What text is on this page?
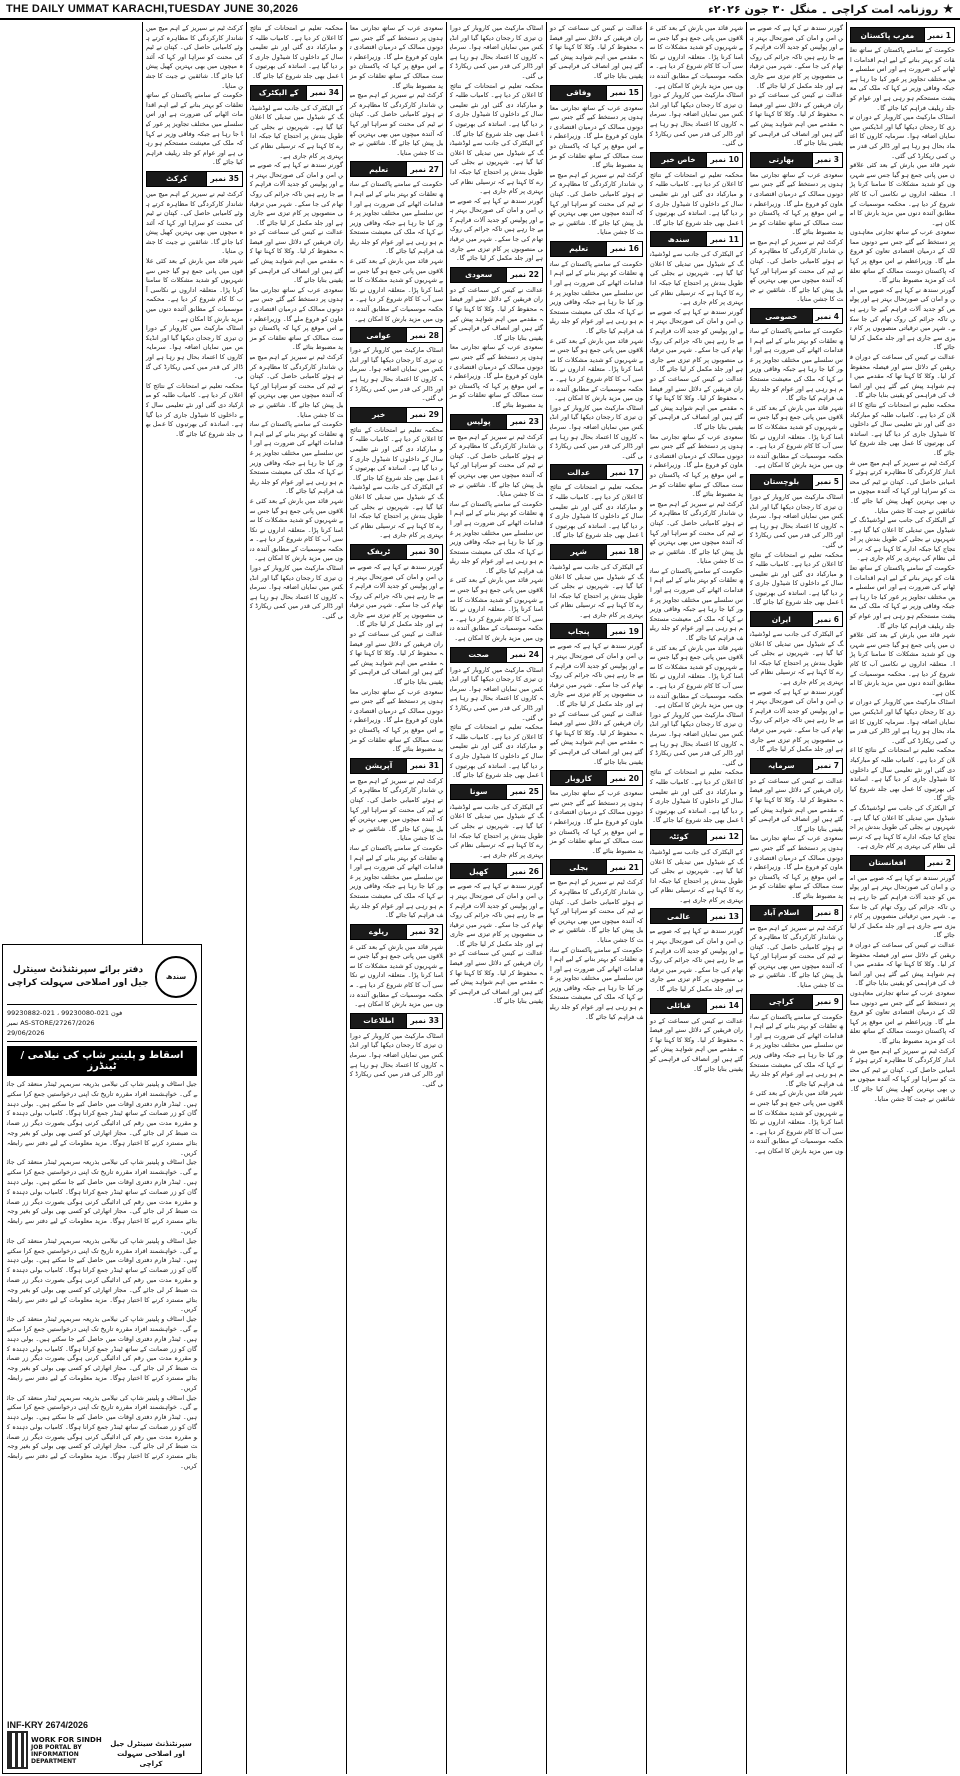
THE DAILY UMMAT KARACHI,TUESDAY JUNE 30,2026	★
روزنامہ امت کراچی ۔ منگل ۳۰ جون ۲۰۲۶ء
1 نمبر
مغرب پاکستان
حکومت کے سامنے پاکستان کے ساتھ تعلقات کو بہتر بنانے کے لیے اہم اقدامات اٹھانے کی ضرورت ہے اور اس سلسلے میں مختلف تجاویز پر غور کیا جا رہا ہے جبکہ وفاقی وزیر نے کہا کہ ملک کی معیشت مستحکم ہو رہی ہے اور عوام کو جلد ریلیف فراہم کیا جائے گا۔
اسٹاک مارکیٹ میں کاروبار کے دوران تیزی کا رجحان دیکھا گیا اور انڈیکس میں نمایاں اضافہ ہوا۔ سرمایہ کاروں کا اعتماد بحال ہو رہا ہے اور ڈالر کی قدر میں کمی ریکارڈ کی گئی۔
شہر قائد میں بارش کے بعد کئی علاقوں میں پانی جمع ہو گیا جس سے شہریوں کو شدید مشکلات کا سامنا کرنا پڑا۔ متعلقہ اداروں نے نکاسی آب کا کام شروع کر دیا ہے۔ محکمہ موسمیات کے مطابق آئندہ دنوں میں مزید بارش کا امکان ہے۔
سعودی عرب کے ساتھ تجارتی معاہدوں پر دستخط کیے گئے جس سے دونوں ممالک کے درمیان اقتصادی تعاون کو فروغ ملے گا۔ وزیراعظم نے اس موقع پر کہا کہ پاکستان دوست ممالک کے ساتھ تعلقات کو مزید مضبوط بنائے گا۔
گورنر سندھ نے کہا ہے کہ صوبے میں امن و امان کی صورتحال بہتر ہے اور پولیس کو جدید آلات فراہم کیے جا رہے ہیں تاکہ جرائم کی روک تھام کی جا سکے۔ شہر میں ترقیاتی منصوبوں پر کام تیزی سے جاری ہے اور جلد مکمل کر لیا جائے گا۔
عدالت نے کیس کی سماعت کے دوران فریقین کے دلائل سنے اور فیصلہ محفوظ کر لیا۔ وکلا کا کہنا تھا کہ مقدمے میں اہم شواہد پیش کیے گئے ہیں اور انصاف کی فراہمی کو یقینی بنایا جائے گا۔
محکمہ تعلیم نے امتحانات کے نتائج کا اعلان کر دیا ہے۔ کامیاب طلبہ کو مبارکباد دی گئی اور نئے تعلیمی سال کے داخلوں کا شیڈول جاری کر دیا گیا ہے۔ اساتذہ کی بھرتیوں کا عمل بھی جلد شروع کیا جائے گا۔
کرکٹ ٹیم نے سیریز کے اہم میچ میں شاندار کارکردگی کا مظاہرہ کرتے ہوئے کامیابی حاصل کی۔ کپتان نے ٹیم کی محنت کو سراہا اور کہا کہ آئندہ میچوں میں بھی بہترین کھیل پیش کیا جائے گا۔ شائقین نے جیت کا جشن منایا۔
کے الیکٹرک کی جانب سے لوڈشیڈنگ کے شیڈول میں تبدیلی کا اعلان کیا گیا ہے۔ شہریوں نے بجلی کی طویل بندش پر احتجاج کیا جبکہ ادارے کا کہنا ہے کہ ترسیلی نظام کی بہتری پر کام جاری ہے۔
حکومت کے سامنے پاکستان کے ساتھ تعلقات کو بہتر بنانے کے لیے اہم اقدامات اٹھانے کی ضرورت ہے اور اس سلسلے میں مختلف تجاویز پر غور کیا جا رہا ہے جبکہ وفاقی وزیر نے کہا کہ ملک کی معیشت مستحکم ہو رہی ہے اور عوام کو جلد ریلیف فراہم کیا جائے گا۔
شہر قائد میں بارش کے بعد کئی علاقوں میں پانی جمع ہو گیا جس سے شہریوں کو شدید مشکلات کا سامنا کرنا پڑا۔ متعلقہ اداروں نے نکاسی آب کا کام شروع کر دیا ہے۔ محکمہ موسمیات کے مطابق آئندہ دنوں میں مزید بارش کا امکان ہے۔
اسٹاک مارکیٹ میں کاروبار کے دوران تیزی کا رجحان دیکھا گیا اور انڈیکس میں نمایاں اضافہ ہوا۔ سرمایہ کاروں کا اعتماد بحال ہو رہا ہے اور ڈالر کی قدر میں کمی ریکارڈ کی گئی۔
محکمہ تعلیم نے امتحانات کے نتائج کا اعلان کر دیا ہے۔ کامیاب طلبہ کو مبارکباد دی گئی اور نئے تعلیمی سال کے داخلوں کا شیڈول جاری کر دیا گیا ہے۔ اساتذہ کی بھرتیوں کا عمل بھی جلد شروع کیا جائے گا۔
کے الیکٹرک کی جانب سے لوڈشیڈنگ کے شیڈول میں تبدیلی کا اعلان کیا گیا ہے۔ شہریوں نے بجلی کی طویل بندش پر احتجاج کیا جبکہ ادارے کا کہنا ہے کہ ترسیلی نظام کی بہتری پر کام جاری ہے۔
2 نمبر
افغانستان
گورنر سندھ نے کہا ہے کہ صوبے میں امن و امان کی صورتحال بہتر ہے اور پولیس کو جدید آلات فراہم کیے جا رہے ہیں تاکہ جرائم کی روک تھام کی جا سکے۔ شہر میں ترقیاتی منصوبوں پر کام تیزی سے جاری ہے اور جلد مکمل کر لیا جائے گا۔
عدالت نے کیس کی سماعت کے دوران فریقین کے دلائل سنے اور فیصلہ محفوظ کر لیا۔ وکلا کا کہنا تھا کہ مقدمے میں اہم شواہد پیش کیے گئے ہیں اور انصاف کی فراہمی کو یقینی بنایا جائے گا۔
سعودی عرب کے ساتھ تجارتی معاہدوں پر دستخط کیے گئے جس سے دونوں ممالک کے درمیان اقتصادی تعاون کو فروغ ملے گا۔ وزیراعظم نے اس موقع پر کہا کہ پاکستان دوست ممالک کے ساتھ تعلقات کو مزید مضبوط بنائے گا۔
کرکٹ ٹیم نے سیریز کے اہم میچ میں شاندار کارکردگی کا مظاہرہ کرتے ہوئے کامیابی حاصل کی۔ کپتان نے ٹیم کی محنت کو سراہا اور کہا کہ آئندہ میچوں میں بھی بہترین کھیل پیش کیا جائے گا۔ شائقین نے جیت کا جشن منایا۔
گورنر سندھ نے کہا ہے کہ صوبے میں امن و امان کی صورتحال بہتر ہے اور پولیس کو جدید آلات فراہم کیے جا رہے ہیں تاکہ جرائم کی روک تھام کی جا سکے۔ شہر میں ترقیاتی منصوبوں پر کام تیزی سے جاری ہے اور جلد مکمل کر لیا جائے گا۔
عدالت نے کیس کی سماعت کے دوران فریقین کے دلائل سنے اور فیصلہ محفوظ کر لیا۔ وکلا کا کہنا تھا کہ مقدمے میں اہم شواہد پیش کیے گئے ہیں اور انصاف کی فراہمی کو یقینی بنایا جائے گا۔
3 نمبر
بھارتی
سعودی عرب کے ساتھ تجارتی معاہدوں پر دستخط کیے گئے جس سے دونوں ممالک کے درمیان اقتصادی تعاون کو فروغ ملے گا۔ وزیراعظم نے اس موقع پر کہا کہ پاکستان دوست ممالک کے ساتھ تعلقات کو مزید مضبوط بنائے گا۔
کرکٹ ٹیم نے سیریز کے اہم میچ میں شاندار کارکردگی کا مظاہرہ کرتے ہوئے کامیابی حاصل کی۔ کپتان نے ٹیم کی محنت کو سراہا اور کہا کہ آئندہ میچوں میں بھی بہترین کھیل پیش کیا جائے گا۔ شائقین نے جیت کا جشن منایا۔
4 نمبر
خصوصی
حکومت کے سامنے پاکستان کے ساتھ تعلقات کو بہتر بنانے کے لیے اہم اقدامات اٹھانے کی ضرورت ہے اور اس سلسلے میں مختلف تجاویز پر غور کیا جا رہا ہے جبکہ وفاقی وزیر نے کہا کہ ملک کی معیشت مستحکم ہو رہی ہے اور عوام کو جلد ریلیف فراہم کیا جائے گا۔
شہر قائد میں بارش کے بعد کئی علاقوں میں پانی جمع ہو گیا جس سے شہریوں کو شدید مشکلات کا سامنا کرنا پڑا۔ متعلقہ اداروں نے نکاسی آب کا کام شروع کر دیا ہے۔ محکمہ موسمیات کے مطابق آئندہ دنوں میں مزید بارش کا امکان ہے۔
5 نمبر
بلوچستان
اسٹاک مارکیٹ میں کاروبار کے دوران تیزی کا رجحان دیکھا گیا اور انڈیکس میں نمایاں اضافہ ہوا۔ سرمایہ کاروں کا اعتماد بحال ہو رہا ہے اور ڈالر کی قدر میں کمی ریکارڈ کی گئی۔
محکمہ تعلیم نے امتحانات کے نتائج کا اعلان کر دیا ہے۔ کامیاب طلبہ کو مبارکباد دی گئی اور نئے تعلیمی سال کے داخلوں کا شیڈول جاری کر دیا گیا ہے۔ اساتذہ کی بھرتیوں کا عمل بھی جلد شروع کیا جائے گا۔
6 نمبر
ایران
کے الیکٹرک کی جانب سے لوڈشیڈنگ کے شیڈول میں تبدیلی کا اعلان کیا گیا ہے۔ شہریوں نے بجلی کی طویل بندش پر احتجاج کیا جبکہ ادارے کا کہنا ہے کہ ترسیلی نظام کی بہتری پر کام جاری ہے۔
گورنر سندھ نے کہا ہے کہ صوبے میں امن و امان کی صورتحال بہتر ہے اور پولیس کو جدید آلات فراہم کیے جا رہے ہیں تاکہ جرائم کی روک تھام کی جا سکے۔ شہر میں ترقیاتی منصوبوں پر کام تیزی سے جاری ہے اور جلد مکمل کر لیا جائے گا۔
7 نمبر
سرمایہ
عدالت نے کیس کی سماعت کے دوران فریقین کے دلائل سنے اور فیصلہ محفوظ کر لیا۔ وکلا کا کہنا تھا کہ مقدمے میں اہم شواہد پیش کیے گئے ہیں اور انصاف کی فراہمی کو یقینی بنایا جائے گا۔
سعودی عرب کے ساتھ تجارتی معاہدوں پر دستخط کیے گئے جس سے دونوں ممالک کے درمیان اقتصادی تعاون کو فروغ ملے گا۔ وزیراعظم نے اس موقع پر کہا کہ پاکستان دوست ممالک کے ساتھ تعلقات کو مزید مضبوط بنائے گا۔
8 نمبر
اسلام آباد
کرکٹ ٹیم نے سیریز کے اہم میچ میں شاندار کارکردگی کا مظاہرہ کرتے ہوئے کامیابی حاصل کی۔ کپتان نے ٹیم کی محنت کو سراہا اور کہا کہ آئندہ میچوں میں بھی بہترین کھیل پیش کیا جائے گا۔ شائقین نے جیت کا جشن منایا۔
9 نمبر
کراچی
حکومت کے سامنے پاکستان کے ساتھ تعلقات کو بہتر بنانے کے لیے اہم اقدامات اٹھانے کی ضرورت ہے اور اس سلسلے میں مختلف تجاویز پر غور کیا جا رہا ہے جبکہ وفاقی وزیر نے کہا کہ ملک کی معیشت مستحکم ہو رہی ہے اور عوام کو جلد ریلیف فراہم کیا جائے گا۔
شہر قائد میں بارش کے بعد کئی علاقوں میں پانی جمع ہو گیا جس سے شہریوں کو شدید مشکلات کا سامنا کرنا پڑا۔ متعلقہ اداروں نے نکاسی آب کا کام شروع کر دیا ہے۔ محکمہ موسمیات کے مطابق آئندہ دنوں میں مزید بارش کا امکان ہے۔
شہر قائد میں بارش کے بعد کئی علاقوں میں پانی جمع ہو گیا جس سے شہریوں کو شدید مشکلات کا سامنا کرنا پڑا۔ متعلقہ اداروں نے نکاسی آب کا کام شروع کر دیا ہے۔ محکمہ موسمیات کے مطابق آئندہ دنوں میں مزید بارش کا امکان ہے۔
اسٹاک مارکیٹ میں کاروبار کے دوران تیزی کا رجحان دیکھا گیا اور انڈیکس میں نمایاں اضافہ ہوا۔ سرمایہ کاروں کا اعتماد بحال ہو رہا ہے اور ڈالر کی قدر میں کمی ریکارڈ کی گئی۔
10 نمبر
خاص خبر
محکمہ تعلیم نے امتحانات کے نتائج کا اعلان کر دیا ہے۔ کامیاب طلبہ کو مبارکباد دی گئی اور نئے تعلیمی سال کے داخلوں کا شیڈول جاری کر دیا گیا ہے۔ اساتذہ کی بھرتیوں کا عمل بھی جلد شروع کیا جائے گا۔
11 نمبر
سندھ
کے الیکٹرک کی جانب سے لوڈشیڈنگ کے شیڈول میں تبدیلی کا اعلان کیا گیا ہے۔ شہریوں نے بجلی کی طویل بندش پر احتجاج کیا جبکہ ادارے کا کہنا ہے کہ ترسیلی نظام کی بہتری پر کام جاری ہے۔
گورنر سندھ نے کہا ہے کہ صوبے میں امن و امان کی صورتحال بہتر ہے اور پولیس کو جدید آلات فراہم کیے جا رہے ہیں تاکہ جرائم کی روک تھام کی جا سکے۔ شہر میں ترقیاتی منصوبوں پر کام تیزی سے جاری ہے اور جلد مکمل کر لیا جائے گا۔
عدالت نے کیس کی سماعت کے دوران فریقین کے دلائل سنے اور فیصلہ محفوظ کر لیا۔ وکلا کا کہنا تھا کہ مقدمے میں اہم شواہد پیش کیے گئے ہیں اور انصاف کی فراہمی کو یقینی بنایا جائے گا۔
سعودی عرب کے ساتھ تجارتی معاہدوں پر دستخط کیے گئے جس سے دونوں ممالک کے درمیان اقتصادی تعاون کو فروغ ملے گا۔ وزیراعظم نے اس موقع پر کہا کہ پاکستان دوست ممالک کے ساتھ تعلقات کو مزید مضبوط بنائے گا۔
کرکٹ ٹیم نے سیریز کے اہم میچ میں شاندار کارکردگی کا مظاہرہ کرتے ہوئے کامیابی حاصل کی۔ کپتان نے ٹیم کی محنت کو سراہا اور کہا کہ آئندہ میچوں میں بھی بہترین کھیل پیش کیا جائے گا۔ شائقین نے جیت کا جشن منایا۔
حکومت کے سامنے پاکستان کے ساتھ تعلقات کو بہتر بنانے کے لیے اہم اقدامات اٹھانے کی ضرورت ہے اور اس سلسلے میں مختلف تجاویز پر غور کیا جا رہا ہے جبکہ وفاقی وزیر نے کہا کہ ملک کی معیشت مستحکم ہو رہی ہے اور عوام کو جلد ریلیف فراہم کیا جائے گا۔
شہر قائد میں بارش کے بعد کئی علاقوں میں پانی جمع ہو گیا جس سے شہریوں کو شدید مشکلات کا سامنا کرنا پڑا۔ متعلقہ اداروں نے نکاسی آب کا کام شروع کر دیا ہے۔ محکمہ موسمیات کے مطابق آئندہ دنوں میں مزید بارش کا امکان ہے۔
اسٹاک مارکیٹ میں کاروبار کے دوران تیزی کا رجحان دیکھا گیا اور انڈیکس میں نمایاں اضافہ ہوا۔ سرمایہ کاروں کا اعتماد بحال ہو رہا ہے اور ڈالر کی قدر میں کمی ریکارڈ کی گئی۔
محکمہ تعلیم نے امتحانات کے نتائج کا اعلان کر دیا ہے۔ کامیاب طلبہ کو مبارکباد دی گئی اور نئے تعلیمی سال کے داخلوں کا شیڈول جاری کر دیا گیا ہے۔ اساتذہ کی بھرتیوں کا عمل بھی جلد شروع کیا جائے گا۔
12 نمبر
کوئٹہ
کے الیکٹرک کی جانب سے لوڈشیڈنگ کے شیڈول میں تبدیلی کا اعلان کیا گیا ہے۔ شہریوں نے بجلی کی طویل بندش پر احتجاج کیا جبکہ ادارے کا کہنا ہے کہ ترسیلی نظام کی بہتری پر کام جاری ہے۔
13 نمبر
عالمی
گورنر سندھ نے کہا ہے کہ صوبے میں امن و امان کی صورتحال بہتر ہے اور پولیس کو جدید آلات فراہم کیے جا رہے ہیں تاکہ جرائم کی روک تھام کی جا سکے۔ شہر میں ترقیاتی منصوبوں پر کام تیزی سے جاری ہے اور جلد مکمل کر لیا جائے گا۔
14 نمبر
قبائلی
عدالت نے کیس کی سماعت کے دوران فریقین کے دلائل سنے اور فیصلہ محفوظ کر لیا۔ وکلا کا کہنا تھا کہ مقدمے میں اہم شواہد پیش کیے گئے ہیں اور انصاف کی فراہمی کو یقینی بنایا جائے گا۔
عدالت نے کیس کی سماعت کے دوران فریقین کے دلائل سنے اور فیصلہ محفوظ کر لیا۔ وکلا کا کہنا تھا کہ مقدمے میں اہم شواہد پیش کیے گئے ہیں اور انصاف کی فراہمی کو یقینی بنایا جائے گا۔
15 نمبر
وفاقی
سعودی عرب کے ساتھ تجارتی معاہدوں پر دستخط کیے گئے جس سے دونوں ممالک کے درمیان اقتصادی تعاون کو فروغ ملے گا۔ وزیراعظم نے اس موقع پر کہا کہ پاکستان دوست ممالک کے ساتھ تعلقات کو مزید مضبوط بنائے گا۔
کرکٹ ٹیم نے سیریز کے اہم میچ میں شاندار کارکردگی کا مظاہرہ کرتے ہوئے کامیابی حاصل کی۔ کپتان نے ٹیم کی محنت کو سراہا اور کہا کہ آئندہ میچوں میں بھی بہترین کھیل پیش کیا جائے گا۔ شائقین نے جیت کا جشن منایا۔
16 نمبر
تعلیم
حکومت کے سامنے پاکستان کے ساتھ تعلقات کو بہتر بنانے کے لیے اہم اقدامات اٹھانے کی ضرورت ہے اور اس سلسلے میں مختلف تجاویز پر غور کیا جا رہا ہے جبکہ وفاقی وزیر نے کہا کہ ملک کی معیشت مستحکم ہو رہی ہے اور عوام کو جلد ریلیف فراہم کیا جائے گا۔
شہر قائد میں بارش کے بعد کئی علاقوں میں پانی جمع ہو گیا جس سے شہریوں کو شدید مشکلات کا سامنا کرنا پڑا۔ متعلقہ اداروں نے نکاسی آب کا کام شروع کر دیا ہے۔ محکمہ موسمیات کے مطابق آئندہ دنوں میں مزید بارش کا امکان ہے۔
اسٹاک مارکیٹ میں کاروبار کے دوران تیزی کا رجحان دیکھا گیا اور انڈیکس میں نمایاں اضافہ ہوا۔ سرمایہ کاروں کا اعتماد بحال ہو رہا ہے اور ڈالر کی قدر میں کمی ریکارڈ کی گئی۔
17 نمبر
عدالت
محکمہ تعلیم نے امتحانات کے نتائج کا اعلان کر دیا ہے۔ کامیاب طلبہ کو مبارکباد دی گئی اور نئے تعلیمی سال کے داخلوں کا شیڈول جاری کر دیا گیا ہے۔ اساتذہ کی بھرتیوں کا عمل بھی جلد شروع کیا جائے گا۔
18 نمبر
شہر
کے الیکٹرک کی جانب سے لوڈشیڈنگ کے شیڈول میں تبدیلی کا اعلان کیا گیا ہے۔ شہریوں نے بجلی کی طویل بندش پر احتجاج کیا جبکہ ادارے کا کہنا ہے کہ ترسیلی نظام کی بہتری پر کام جاری ہے۔
19 نمبر
پنجاب
گورنر سندھ نے کہا ہے کہ صوبے میں امن و امان کی صورتحال بہتر ہے اور پولیس کو جدید آلات فراہم کیے جا رہے ہیں تاکہ جرائم کی روک تھام کی جا سکے۔ شہر میں ترقیاتی منصوبوں پر کام تیزی سے جاری ہے اور جلد مکمل کر لیا جائے گا۔
عدالت نے کیس کی سماعت کے دوران فریقین کے دلائل سنے اور فیصلہ محفوظ کر لیا۔ وکلا کا کہنا تھا کہ مقدمے میں اہم شواہد پیش کیے گئے ہیں اور انصاف کی فراہمی کو یقینی بنایا جائے گا۔
20 نمبر
کاروبار
سعودی عرب کے ساتھ تجارتی معاہدوں پر دستخط کیے گئے جس سے دونوں ممالک کے درمیان اقتصادی تعاون کو فروغ ملے گا۔ وزیراعظم نے اس موقع پر کہا کہ پاکستان دوست ممالک کے ساتھ تعلقات کو مزید مضبوط بنائے گا۔
21 نمبر
بجلی
کرکٹ ٹیم نے سیریز کے اہم میچ میں شاندار کارکردگی کا مظاہرہ کرتے ہوئے کامیابی حاصل کی۔ کپتان نے ٹیم کی محنت کو سراہا اور کہا کہ آئندہ میچوں میں بھی بہترین کھیل پیش کیا جائے گا۔ شائقین نے جیت کا جشن منایا۔
حکومت کے سامنے پاکستان کے ساتھ تعلقات کو بہتر بنانے کے لیے اہم اقدامات اٹھانے کی ضرورت ہے اور اس سلسلے میں مختلف تجاویز پر غور کیا جا رہا ہے جبکہ وفاقی وزیر نے کہا کہ ملک کی معیشت مستحکم ہو رہی ہے اور عوام کو جلد ریلیف فراہم کیا جائے گا۔
اسٹاک مارکیٹ میں کاروبار کے دوران تیزی کا رجحان دیکھا گیا اور انڈیکس میں نمایاں اضافہ ہوا۔ سرمایہ کاروں کا اعتماد بحال ہو رہا ہے اور ڈالر کی قدر میں کمی ریکارڈ کی گئی۔
محکمہ تعلیم نے امتحانات کے نتائج کا اعلان کر دیا ہے۔ کامیاب طلبہ کو مبارکباد دی گئی اور نئے تعلیمی سال کے داخلوں کا شیڈول جاری کر دیا گیا ہے۔ اساتذہ کی بھرتیوں کا عمل بھی جلد شروع کیا جائے گا۔
کے الیکٹرک کی جانب سے لوڈشیڈنگ کے شیڈول میں تبدیلی کا اعلان کیا گیا ہے۔ شہریوں نے بجلی کی طویل بندش پر احتجاج کیا جبکہ ادارے کا کہنا ہے کہ ترسیلی نظام کی بہتری پر کام جاری ہے۔
گورنر سندھ نے کہا ہے کہ صوبے میں امن و امان کی صورتحال بہتر ہے اور پولیس کو جدید آلات فراہم کیے جا رہے ہیں تاکہ جرائم کی روک تھام کی جا سکے۔ شہر میں ترقیاتی منصوبوں پر کام تیزی سے جاری ہے اور جلد مکمل کر لیا جائے گا۔
22 نمبر
سعودی
عدالت نے کیس کی سماعت کے دوران فریقین کے دلائل سنے اور فیصلہ محفوظ کر لیا۔ وکلا کا کہنا تھا کہ مقدمے میں اہم شواہد پیش کیے گئے ہیں اور انصاف کی فراہمی کو یقینی بنایا جائے گا۔
سعودی عرب کے ساتھ تجارتی معاہدوں پر دستخط کیے گئے جس سے دونوں ممالک کے درمیان اقتصادی تعاون کو فروغ ملے گا۔ وزیراعظم نے اس موقع پر کہا کہ پاکستان دوست ممالک کے ساتھ تعلقات کو مزید مضبوط بنائے گا۔
23 نمبر
پولیس
کرکٹ ٹیم نے سیریز کے اہم میچ میں شاندار کارکردگی کا مظاہرہ کرتے ہوئے کامیابی حاصل کی۔ کپتان نے ٹیم کی محنت کو سراہا اور کہا کہ آئندہ میچوں میں بھی بہترین کھیل پیش کیا جائے گا۔ شائقین نے جیت کا جشن منایا۔
حکومت کے سامنے پاکستان کے ساتھ تعلقات کو بہتر بنانے کے لیے اہم اقدامات اٹھانے کی ضرورت ہے اور اس سلسلے میں مختلف تجاویز پر غور کیا جا رہا ہے جبکہ وفاقی وزیر نے کہا کہ ملک کی معیشت مستحکم ہو رہی ہے اور عوام کو جلد ریلیف فراہم کیا جائے گا۔
شہر قائد میں بارش کے بعد کئی علاقوں میں پانی جمع ہو گیا جس سے شہریوں کو شدید مشکلات کا سامنا کرنا پڑا۔ متعلقہ اداروں نے نکاسی آب کا کام شروع کر دیا ہے۔ محکمہ موسمیات کے مطابق آئندہ دنوں میں مزید بارش کا امکان ہے۔
24 نمبر
صحت
اسٹاک مارکیٹ میں کاروبار کے دوران تیزی کا رجحان دیکھا گیا اور انڈیکس میں نمایاں اضافہ ہوا۔ سرمایہ کاروں کا اعتماد بحال ہو رہا ہے اور ڈالر کی قدر میں کمی ریکارڈ کی گئی۔
محکمہ تعلیم نے امتحانات کے نتائج کا اعلان کر دیا ہے۔ کامیاب طلبہ کو مبارکباد دی گئی اور نئے تعلیمی سال کے داخلوں کا شیڈول جاری کر دیا گیا ہے۔ اساتذہ کی بھرتیوں کا عمل بھی جلد شروع کیا جائے گا۔
25 نمبر
سونا
کے الیکٹرک کی جانب سے لوڈشیڈنگ کے شیڈول میں تبدیلی کا اعلان کیا گیا ہے۔ شہریوں نے بجلی کی طویل بندش پر احتجاج کیا جبکہ ادارے کا کہنا ہے کہ ترسیلی نظام کی بہتری پر کام جاری ہے۔
26 نمبر
کھیل
گورنر سندھ نے کہا ہے کہ صوبے میں امن و امان کی صورتحال بہتر ہے اور پولیس کو جدید آلات فراہم کیے جا رہے ہیں تاکہ جرائم کی روک تھام کی جا سکے۔ شہر میں ترقیاتی منصوبوں پر کام تیزی سے جاری ہے اور جلد مکمل کر لیا جائے گا۔
عدالت نے کیس کی سماعت کے دوران فریقین کے دلائل سنے اور فیصلہ محفوظ کر لیا۔ وکلا کا کہنا تھا کہ مقدمے میں اہم شواہد پیش کیے گئے ہیں اور انصاف کی فراہمی کو یقینی بنایا جائے گا۔
سعودی عرب کے ساتھ تجارتی معاہدوں پر دستخط کیے گئے جس سے دونوں ممالک کے درمیان اقتصادی تعاون کو فروغ ملے گا۔ وزیراعظم نے اس موقع پر کہا کہ پاکستان دوست ممالک کے ساتھ تعلقات کو مزید مضبوط بنائے گا۔
کرکٹ ٹیم نے سیریز کے اہم میچ میں شاندار کارکردگی کا مظاہرہ کرتے ہوئے کامیابی حاصل کی۔ کپتان نے ٹیم کی محنت کو سراہا اور کہا کہ آئندہ میچوں میں بھی بہترین کھیل پیش کیا جائے گا۔ شائقین نے جیت کا جشن منایا۔
27 نمبر
تعلیم
حکومت کے سامنے پاکستان کے ساتھ تعلقات کو بہتر بنانے کے لیے اہم اقدامات اٹھانے کی ضرورت ہے اور اس سلسلے میں مختلف تجاویز پر غور کیا جا رہا ہے جبکہ وفاقی وزیر نے کہا کہ ملک کی معیشت مستحکم ہو رہی ہے اور عوام کو جلد ریلیف فراہم کیا جائے گا۔
شہر قائد میں بارش کے بعد کئی علاقوں میں پانی جمع ہو گیا جس سے شہریوں کو شدید مشکلات کا سامنا کرنا پڑا۔ متعلقہ اداروں نے نکاسی آب کا کام شروع کر دیا ہے۔ محکمہ موسمیات کے مطابق آئندہ دنوں میں مزید بارش کا امکان ہے۔
28 نمبر
عوامی
اسٹاک مارکیٹ میں کاروبار کے دوران تیزی کا رجحان دیکھا گیا اور انڈیکس میں نمایاں اضافہ ہوا۔ سرمایہ کاروں کا اعتماد بحال ہو رہا ہے اور ڈالر کی قدر میں کمی ریکارڈ کی گئی۔
29 نمبر
خبر
محکمہ تعلیم نے امتحانات کے نتائج کا اعلان کر دیا ہے۔ کامیاب طلبہ کو مبارکباد دی گئی اور نئے تعلیمی سال کے داخلوں کا شیڈول جاری کر دیا گیا ہے۔ اساتذہ کی بھرتیوں کا عمل بھی جلد شروع کیا جائے گا۔
کے الیکٹرک کی جانب سے لوڈشیڈنگ کے شیڈول میں تبدیلی کا اعلان کیا گیا ہے۔ شہریوں نے بجلی کی طویل بندش پر احتجاج کیا جبکہ ادارے کا کہنا ہے کہ ترسیلی نظام کی بہتری پر کام جاری ہے۔
30 نمبر
ٹریفک
گورنر سندھ نے کہا ہے کہ صوبے میں امن و امان کی صورتحال بہتر ہے اور پولیس کو جدید آلات فراہم کیے جا رہے ہیں تاکہ جرائم کی روک تھام کی جا سکے۔ شہر میں ترقیاتی منصوبوں پر کام تیزی سے جاری ہے اور جلد مکمل کر لیا جائے گا۔
عدالت نے کیس کی سماعت کے دوران فریقین کے دلائل سنے اور فیصلہ محفوظ کر لیا۔ وکلا کا کہنا تھا کہ مقدمے میں اہم شواہد پیش کیے گئے ہیں اور انصاف کی فراہمی کو یقینی بنایا جائے گا۔
سعودی عرب کے ساتھ تجارتی معاہدوں پر دستخط کیے گئے جس سے دونوں ممالک کے درمیان اقتصادی تعاون کو فروغ ملے گا۔ وزیراعظم نے اس موقع پر کہا کہ پاکستان دوست ممالک کے ساتھ تعلقات کو مزید مضبوط بنائے گا۔
31 نمبر
آپریشن
کرکٹ ٹیم نے سیریز کے اہم میچ میں شاندار کارکردگی کا مظاہرہ کرتے ہوئے کامیابی حاصل کی۔ کپتان نے ٹیم کی محنت کو سراہا اور کہا کہ آئندہ میچوں میں بھی بہترین کھیل پیش کیا جائے گا۔ شائقین نے جیت کا جشن منایا۔
حکومت کے سامنے پاکستان کے ساتھ تعلقات کو بہتر بنانے کے لیے اہم اقدامات اٹھانے کی ضرورت ہے اور اس سلسلے میں مختلف تجاویز پر غور کیا جا رہا ہے جبکہ وفاقی وزیر نے کہا کہ ملک کی معیشت مستحکم ہو رہی ہے اور عوام کو جلد ریلیف فراہم کیا جائے گا۔
32 نمبر
ریلوے
شہر قائد میں بارش کے بعد کئی علاقوں میں پانی جمع ہو گیا جس سے شہریوں کو شدید مشکلات کا سامنا کرنا پڑا۔ متعلقہ اداروں نے نکاسی آب کا کام شروع کر دیا ہے۔ محکمہ موسمیات کے مطابق آئندہ دنوں میں مزید بارش کا امکان ہے۔
33 نمبر
اطلاعات
اسٹاک مارکیٹ میں کاروبار کے دوران تیزی کا رجحان دیکھا گیا اور انڈیکس میں نمایاں اضافہ ہوا۔ سرمایہ کاروں کا اعتماد بحال ہو رہا ہے اور ڈالر کی قدر میں کمی ریکارڈ کی گئی۔
محکمہ تعلیم نے امتحانات کے نتائج کا اعلان کر دیا ہے۔ کامیاب طلبہ کو مبارکباد دی گئی اور نئے تعلیمی سال کے داخلوں کا شیڈول جاری کر دیا گیا ہے۔ اساتذہ کی بھرتیوں کا عمل بھی جلد شروع کیا جائے گا۔
34 نمبر
کے الیکٹرک
کے الیکٹرک کی جانب سے لوڈشیڈنگ کے شیڈول میں تبدیلی کا اعلان کیا گیا ہے۔ شہریوں نے بجلی کی طویل بندش پر احتجاج کیا جبکہ ادارے کا کہنا ہے کہ ترسیلی نظام کی بہتری پر کام جاری ہے۔
گورنر سندھ نے کہا ہے کہ صوبے میں امن و امان کی صورتحال بہتر ہے اور پولیس کو جدید آلات فراہم کیے جا رہے ہیں تاکہ جرائم کی روک تھام کی جا سکے۔ شہر میں ترقیاتی منصوبوں پر کام تیزی سے جاری ہے اور جلد مکمل کر لیا جائے گا۔
عدالت نے کیس کی سماعت کے دوران فریقین کے دلائل سنے اور فیصلہ محفوظ کر لیا۔ وکلا کا کہنا تھا کہ مقدمے میں اہم شواہد پیش کیے گئے ہیں اور انصاف کی فراہمی کو یقینی بنایا جائے گا۔
سعودی عرب کے ساتھ تجارتی معاہدوں پر دستخط کیے گئے جس سے دونوں ممالک کے درمیان اقتصادی تعاون کو فروغ ملے گا۔ وزیراعظم نے اس موقع پر کہا کہ پاکستان دوست ممالک کے ساتھ تعلقات کو مزید مضبوط بنائے گا۔
کرکٹ ٹیم نے سیریز کے اہم میچ میں شاندار کارکردگی کا مظاہرہ کرتے ہوئے کامیابی حاصل کی۔ کپتان نے ٹیم کی محنت کو سراہا اور کہا کہ آئندہ میچوں میں بھی بہترین کھیل پیش کیا جائے گا۔ شائقین نے جیت کا جشن منایا۔
حکومت کے سامنے پاکستان کے ساتھ تعلقات کو بہتر بنانے کے لیے اہم اقدامات اٹھانے کی ضرورت ہے اور اس سلسلے میں مختلف تجاویز پر غور کیا جا رہا ہے جبکہ وفاقی وزیر نے کہا کہ ملک کی معیشت مستحکم ہو رہی ہے اور عوام کو جلد ریلیف فراہم کیا جائے گا۔
شہر قائد میں بارش کے بعد کئی علاقوں میں پانی جمع ہو گیا جس سے شہریوں کو شدید مشکلات کا سامنا کرنا پڑا۔ متعلقہ اداروں نے نکاسی آب کا کام شروع کر دیا ہے۔ محکمہ موسمیات کے مطابق آئندہ دنوں میں مزید بارش کا امکان ہے۔
اسٹاک مارکیٹ میں کاروبار کے دوران تیزی کا رجحان دیکھا گیا اور انڈیکس میں نمایاں اضافہ ہوا۔ سرمایہ کاروں کا اعتماد بحال ہو رہا ہے اور ڈالر کی قدر میں کمی ریکارڈ کی گئی۔
کرکٹ ٹیم نے سیریز کے اہم میچ میں شاندار کارکردگی کا مظاہرہ کرتے ہوئے کامیابی حاصل کی۔ کپتان نے ٹیم کی محنت کو سراہا اور کہا کہ آئندہ میچوں میں بھی بہترین کھیل پیش کیا جائے گا۔ شائقین نے جیت کا جشن منایا۔
حکومت کے سامنے پاکستان کے ساتھ تعلقات کو بہتر بنانے کے لیے اہم اقدامات اٹھانے کی ضرورت ہے اور اس سلسلے میں مختلف تجاویز پر غور کیا جا رہا ہے جبکہ وفاقی وزیر نے کہا کہ ملک کی معیشت مستحکم ہو رہی ہے اور عوام کو جلد ریلیف فراہم کیا جائے گا۔
35 نمبر
کرکٹ
کرکٹ ٹیم نے سیریز کے اہم میچ میں شاندار کارکردگی کا مظاہرہ کرتے ہوئے کامیابی حاصل کی۔ کپتان نے ٹیم کی محنت کو سراہا اور کہا کہ آئندہ میچوں میں بھی بہترین کھیل پیش کیا جائے گا۔ شائقین نے جیت کا جشن منایا۔
شہر قائد میں بارش کے بعد کئی علاقوں میں پانی جمع ہو گیا جس سے شہریوں کو شدید مشکلات کا سامنا کرنا پڑا۔ متعلقہ اداروں نے نکاسی آب کا کام شروع کر دیا ہے۔ محکمہ موسمیات کے مطابق آئندہ دنوں میں مزید بارش کا امکان ہے۔
اسٹاک مارکیٹ میں کاروبار کے دوران تیزی کا رجحان دیکھا گیا اور انڈیکس میں نمایاں اضافہ ہوا۔ سرمایہ کاروں کا اعتماد بحال ہو رہا ہے اور ڈالر کی قدر میں کمی ریکارڈ کی گئی۔
محکمہ تعلیم نے امتحانات کے نتائج کا اعلان کر دیا ہے۔ کامیاب طلبہ کو مبارکباد دی گئی اور نئے تعلیمی سال کے داخلوں کا شیڈول جاری کر دیا گیا ہے۔ اساتذہ کی بھرتیوں کا عمل بھی جلد شروع کیا جائے گا۔
سندھ
دفتر برائے سپرنٹنڈنٹ سینٹرل جیل اور اصلاحی سہولت کراچی
فون 021-99230080 ، 021-99230882
نمبر AS-STORE/27267/2026
29/06/2026
اسقاط و پلینیر شاپ کی نیلامی / ٹینڈرز
جیل اسٹاف و پلینیر شاپ کی نیلامی بذریعہ سربمہر ٹینڈر منعقد کی جائے گی۔ خواہشمند افراد مقررہ تاریخ تک اپنی درخواستیں جمع کرا سکتے ہیں۔ ٹینڈر فارم دفتری اوقات میں حاصل کیے جا سکتے ہیں۔ بولی دہندگان کو زر ضمانت کے ساتھ ٹینڈر جمع کرانا ہوگا۔ کامیاب بولی دہندہ کو مقررہ مدت میں رقم کی ادائیگی کرنی ہوگی بصورت دیگر زر ضمانت ضبط کر لی جائے گی۔ مجاز اتھارٹی کو کسی بھی بولی کو بغیر وجہ بتائے مسترد کرنے کا اختیار ہوگا۔ مزید معلومات کے لیے دفتر سے رابطہ کریں۔
جیل اسٹاف و پلینیر شاپ کی نیلامی بذریعہ سربمہر ٹینڈر منعقد کی جائے گی۔ خواہشمند افراد مقررہ تاریخ تک اپنی درخواستیں جمع کرا سکتے ہیں۔ ٹینڈر فارم دفتری اوقات میں حاصل کیے جا سکتے ہیں۔ بولی دہندگان کو زر ضمانت کے ساتھ ٹینڈر جمع کرانا ہوگا۔ کامیاب بولی دہندہ کو مقررہ مدت میں رقم کی ادائیگی کرنی ہوگی بصورت دیگر زر ضمانت ضبط کر لی جائے گی۔ مجاز اتھارٹی کو کسی بھی بولی کو بغیر وجہ بتائے مسترد کرنے کا اختیار ہوگا۔ مزید معلومات کے لیے دفتر سے رابطہ کریں۔
جیل اسٹاف و پلینیر شاپ کی نیلامی بذریعہ سربمہر ٹینڈر منعقد کی جائے گی۔ خواہشمند افراد مقررہ تاریخ تک اپنی درخواستیں جمع کرا سکتے ہیں۔ ٹینڈر فارم دفتری اوقات میں حاصل کیے جا سکتے ہیں۔ بولی دہندگان کو زر ضمانت کے ساتھ ٹینڈر جمع کرانا ہوگا۔ کامیاب بولی دہندہ کو مقررہ مدت میں رقم کی ادائیگی کرنی ہوگی بصورت دیگر زر ضمانت ضبط کر لی جائے گی۔ مجاز اتھارٹی کو کسی بھی بولی کو بغیر وجہ بتائے مسترد کرنے کا اختیار ہوگا۔ مزید معلومات کے لیے دفتر سے رابطہ کریں۔
جیل اسٹاف و پلینیر شاپ کی نیلامی بذریعہ سربمہر ٹینڈر منعقد کی جائے گی۔ خواہشمند افراد مقررہ تاریخ تک اپنی درخواستیں جمع کرا سکتے ہیں۔ ٹینڈر فارم دفتری اوقات میں حاصل کیے جا سکتے ہیں۔ بولی دہندگان کو زر ضمانت کے ساتھ ٹینڈر جمع کرانا ہوگا۔ کامیاب بولی دہندہ کو مقررہ مدت میں رقم کی ادائیگی کرنی ہوگی بصورت دیگر زر ضمانت ضبط کر لی جائے گی۔ مجاز اتھارٹی کو کسی بھی بولی کو بغیر وجہ بتائے مسترد کرنے کا اختیار ہوگا۔ مزید معلومات کے لیے دفتر سے رابطہ کریں۔
جیل اسٹاف و پلینیر شاپ کی نیلامی بذریعہ سربمہر ٹینڈر منعقد کی جائے گی۔ خواہشمند افراد مقررہ تاریخ تک اپنی درخواستیں جمع کرا سکتے ہیں۔ ٹینڈر فارم دفتری اوقات میں حاصل کیے جا سکتے ہیں۔ بولی دہندگان کو زر ضمانت کے ساتھ ٹینڈر جمع کرانا ہوگا۔ کامیاب بولی دہندہ کو مقررہ مدت میں رقم کی ادائیگی کرنی ہوگی بصورت دیگر زر ضمانت ضبط کر لی جائے گی۔ مجاز اتھارٹی کو کسی بھی بولی کو بغیر وجہ بتائے مسترد کرنے کا اختیار ہوگا۔ مزید معلومات کے لیے دفتر سے رابطہ کریں۔
INF-KRY 2674/2026
WORK FOR SINDH
JOB PORTAL BY INFORMATION DEPARTMENT
سپرنٹنڈنٹ سینٹرل جیل اور اصلاحی سہولت کراچی
